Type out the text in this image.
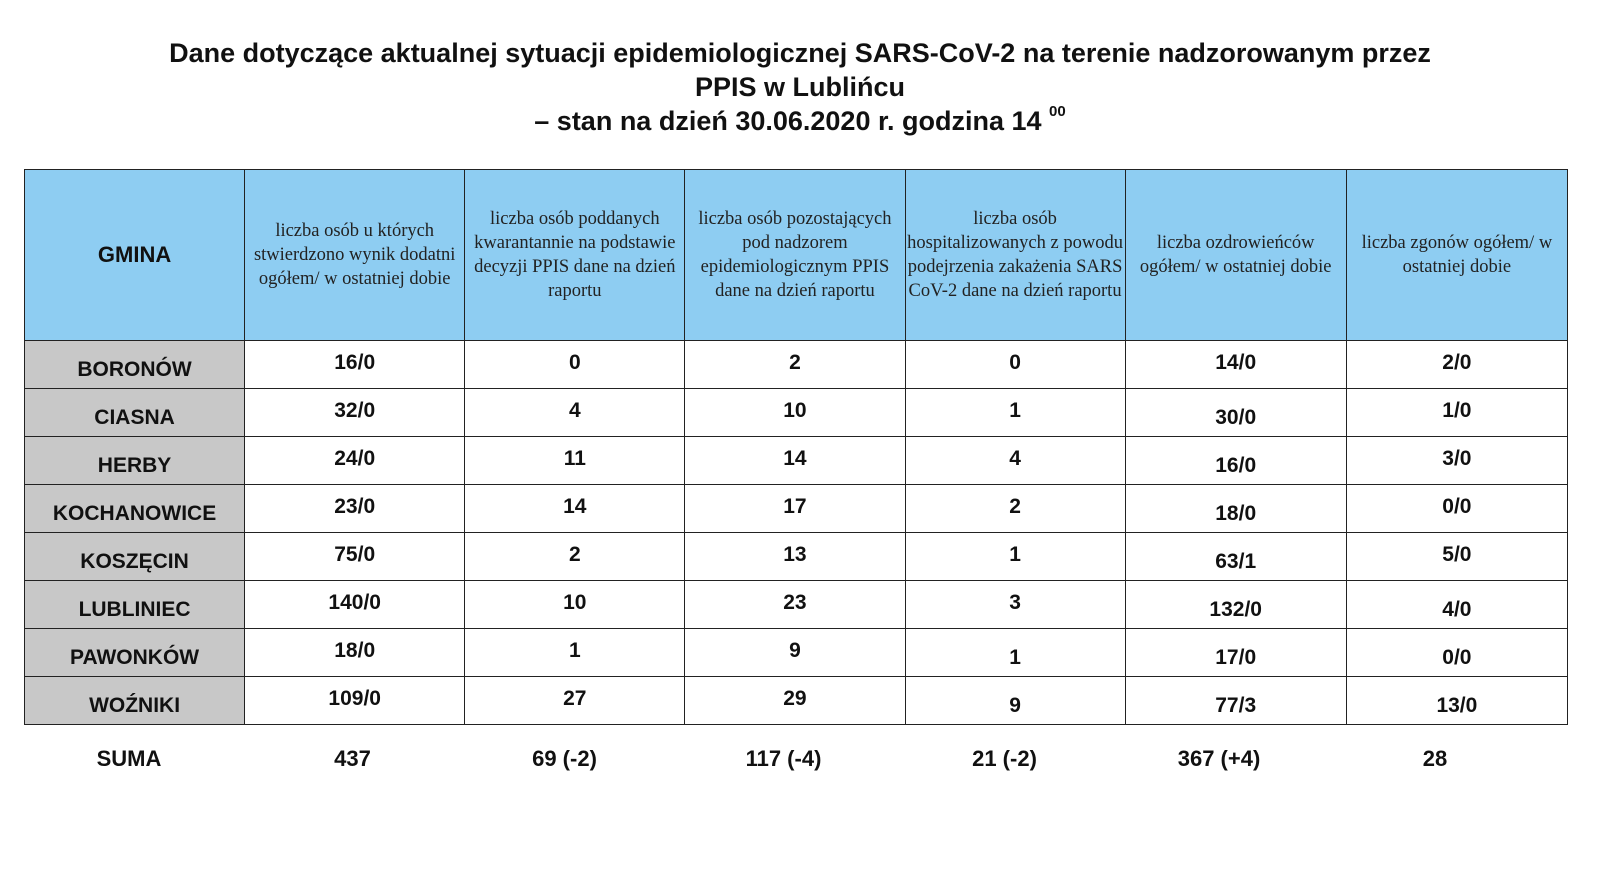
Dane dotyczące aktualnej sytuacji epidemiologicznej SARS-CoV-2 na terenie nadzorowanym przez
PPIS w Lublińcu
– stan na dzień 30.06.2020 r. godzina 14 $^{00}$
GMINA	liczba osób u których stwierdzono wynik dodatni ogółem/ w ostatniej dobie	liczba osób poddanych kwarantannie na podstawie decyzji PPIS dane na dzień raportu	liczba osób pozostających pod nadzorem epidemiologicznym PPIS dane na dzień raportu	liczba osób hospitalizowanych z powodu podejrzenia zakażenia SARS CoV-2 dane na dzień raportu	liczba ozdrowieńców ogółem/ w ostatniej dobie	liczba zgonów ogółem/ w ostatniej dobie
BORONÓW	16/0	0	2	0	14/0	2/0
CIASNA	32/0	4	10	1	30/0	1/0
HERBY	24/0	11	14	4	16/0	3/0
KOCHANOWICE	23/0	14	17	2	18/0	0/0
KOSZĘCIN	75/0	2	13	1	63/1	5/0
LUBLINIEC	140/0	10	23	3	132/0	4/0
PAWONKÓW	18/0	1	9	1	17/0	0/0
WOŹNIKI	109/0	27	29	9	77/3	13/0
SUMA	437	69 (-2)	117 (-4)	21 (-2)	367 (+4)	28
